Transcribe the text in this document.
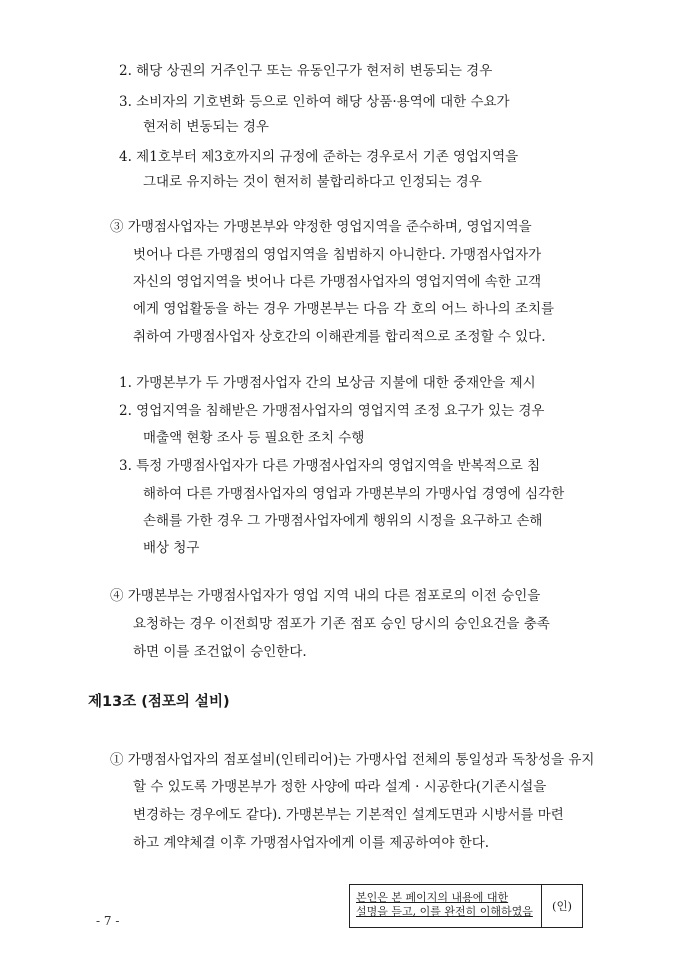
2. 해당 상권의 거주인구 또는 유동인구가 현저히 변동되는 경우
3. 소비자의 기호변화 등으로 인하여 해당 상품·용역에 대한 수요가
현저히 변동되는 경우
4. 제1호부터 제3호까지의 규정에 준하는 경우로서 기존 영업지역을
그대로 유지하는 것이 현저히 불합리하다고 인정되는 경우
③ 가맹점사업자는 가맹본부와 약정한 영업지역을 준수하며, 영업지역을
벗어나 다른 가맹점의 영업지역을 침범하지 아니한다. 가맹점사업자가
자신의 영업지역을 벗어나 다른 가맹점사업자의 영업지역에 속한 고객
에게 영업활동을 하는 경우 가맹본부는 다음 각 호의 어느 하나의 조치를
취하여 가맹점사업자 상호간의 이해관계를 합리적으로 조정할 수 있다.
1. 가맹본부가 두 가맹점사업자 간의 보상금 지불에 대한 중재안을 제시
2. 영업지역을 침해받은 가맹점사업자의 영업지역 조정 요구가 있는 경우
매출액 현황 조사 등 필요한 조치 수행
3. 특정 가맹점사업자가 다른 가맹점사업자의 영업지역을 반복적으로 침
해하여 다른 가맹점사업자의 영업과 가맹본부의 가맹사업 경영에 심각한
손해를 가한 경우 그 가맹점사업자에게 행위의 시정을 요구하고 손해
배상 청구
④ 가맹본부는 가맹점사업자가 영업 지역 내의 다른 점포로의 이전 승인을
요청하는 경우 이전희망 점포가 기존 점포 승인 당시의 승인요건을 충족
하면 이를 조건없이 승인한다.
제13조 (점포의 설비)
① 가맹점사업자의 점포설비(인테리어)는 가맹사업 전체의 통일성과 독창성을 유지
할 수 있도록 가맹본부가 정한 사양에 따라 설계 · 시공한다(기존시설을
변경하는 경우에도 같다). 가맹본부는 기본적인 설계도면과 시방서를 마련
하고 계약체결 이후 가맹점사업자에게 이를 제공하여야 한다.
- 7 -
본인은 본 페이지의 내용에 대한
설명을 듣고, 이를 완전히 이해하였음	(인)
